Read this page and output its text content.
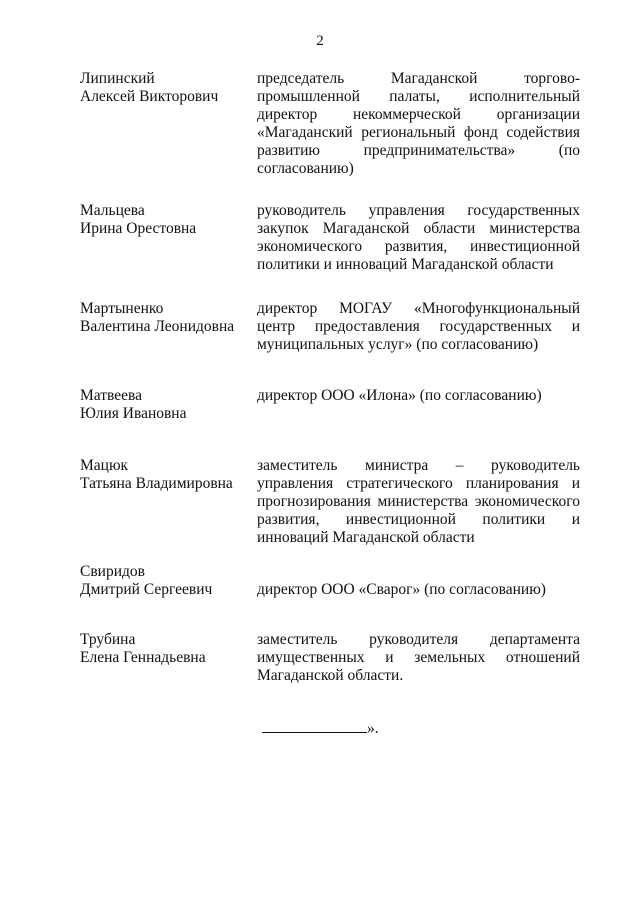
2
Липинский
Алексей Викторович
председатель Магаданской торгово-
промышленной палаты, исполнительный
директор некоммерческой организации
«Магаданский региональный фонд содействия
развитию предпринимательства» (по
согласованию)
Мальцева
Ирина Орестовна
руководитель управления государственных
закупок Магаданской области министерства
экономического развития, инвестиционной
политики и инноваций Магаданской области
Мартыненко
Валентина Леонидовна
директор МОГАУ «Многофункциональный
центр предоставления государственных и
муниципальных услуг» (по согласованию)
Матвеева
Юлия Ивановна
директор ООО «Илона» (по согласованию)
Мацюк
Татьяна Владимировна
заместитель министра – руководитель
управления стратегического планирования и
прогнозирования министерства экономического
развития, инвестиционной политики и
инноваций Магаданской области
Свиридов
Дмитрий Сергеевич	директор ООО «Сварог» (по согласованию)
Трубина
Елена Геннадьевна
заместитель руководителя департамента
имущественных и земельных отношений
Магаданской области.
».
